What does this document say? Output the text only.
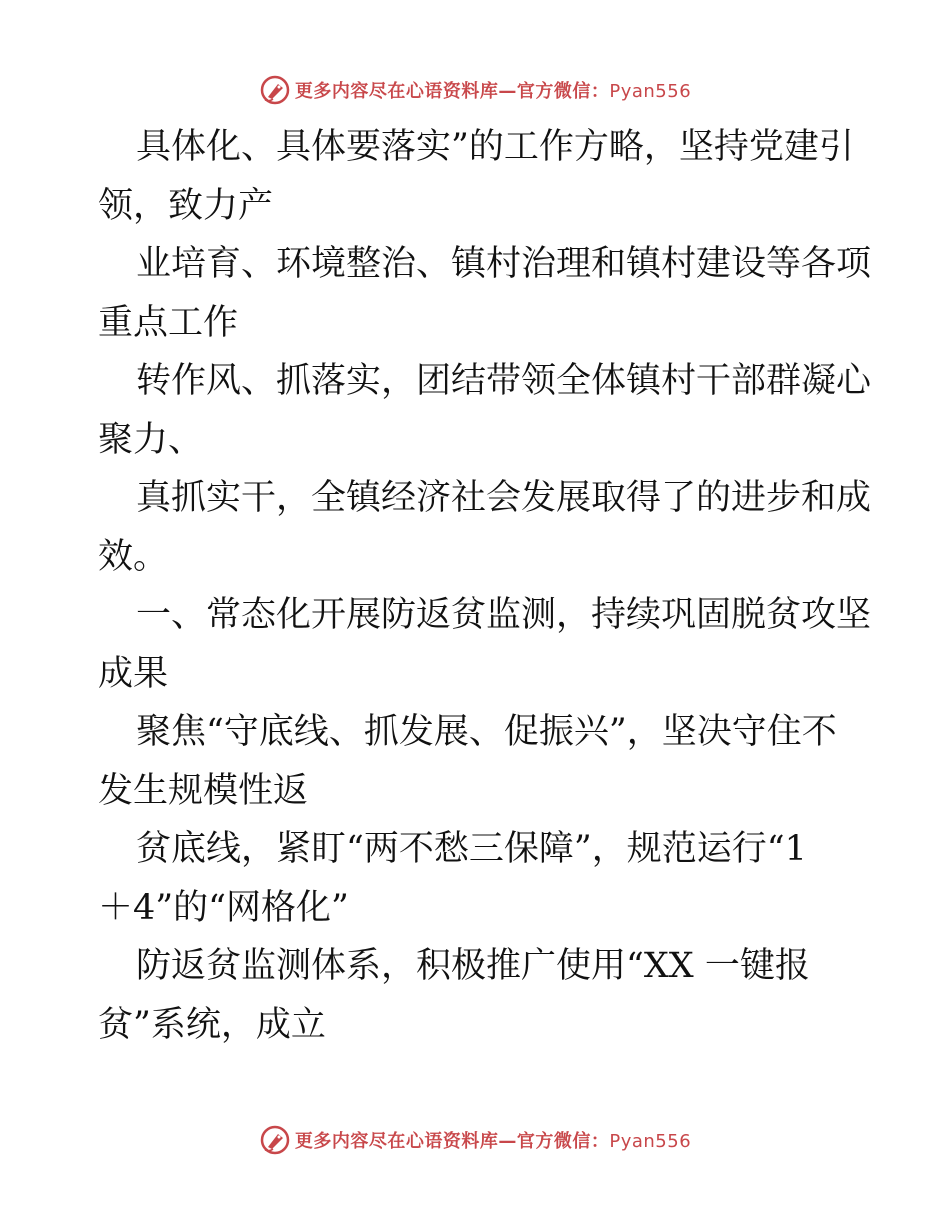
更多内容尽在心语资料库—官方微信：Pyan556
具体化、具体要落实”的工作方略，坚持党建引
领，致力产
业培育、环境整治、镇村治理和镇村建设等各项
重点工作
转作风、抓落实，团结带领全体镇村干部群凝心
聚力、
真抓实干，全镇经济社会发展取得了的进步和成
效。
一、常态化开展防返贫监测，持续巩固脱贫攻坚
成果
聚焦“守底线、抓发展、促振兴”，坚决守住不
发生规模性返
贫底线，紧盯“两不愁三保障”，规范运行“1
＋4”的“网格化”
防返贫监测体系，积极推广使用“XX 一键报
贫”系统，成立
更多内容尽在心语资料库—官方微信：Pyan556
